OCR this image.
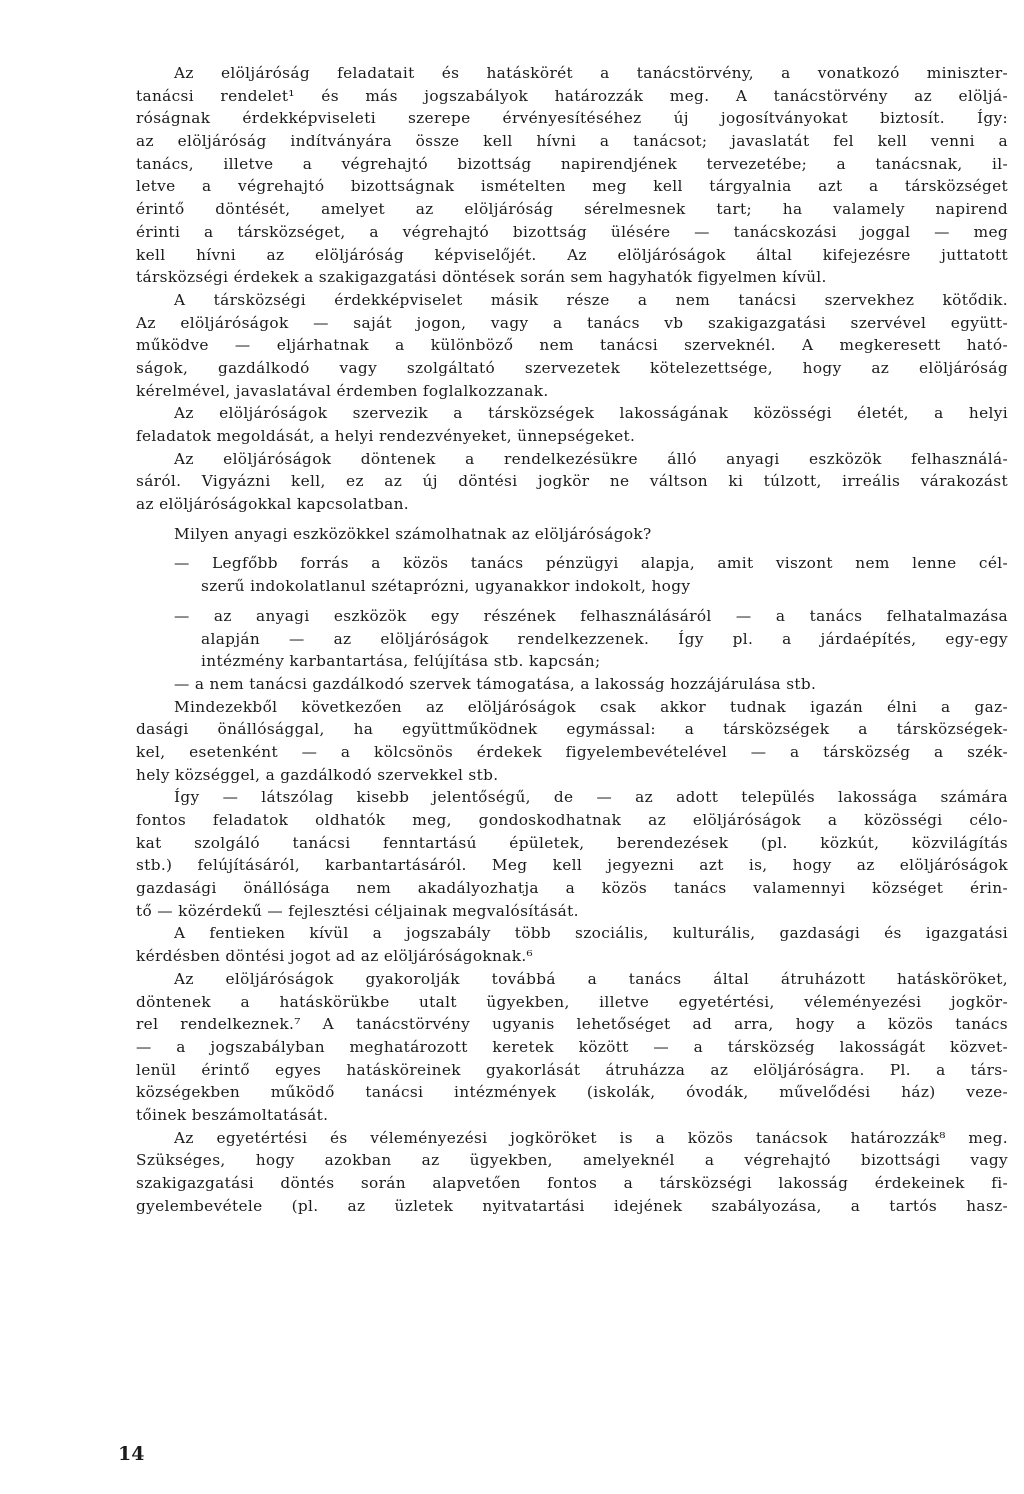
Az elöljáróság feladatait és hatáskörét a tanácstörvény, a vonatkozó miniszter-
tanácsi rendelet¹ és más jogszabályok határozzák meg. A tanácstörvény az elöljá-
róságnak érdekképviseleti szerepe érvényesítéséhez új jogosítványokat biztosít. Így:
az elöljáróság indítványára össze kell hívni a tanácsot; javaslatát fel kell venni a
tanács, illetve a végrehajtó bizottság napirendjének tervezetébe; a tanácsnak, il-
letve a végrehajtó bizottságnak ismételten meg kell tárgyalnia azt a társközséget
érintő döntését, amelyet az elöljáróság sérelmesnek tart; ha valamely napirend
érinti a társközséget, a végrehajtó bizottság ülésére — tanácskozási joggal — meg
kell hívni az elöljáróság képviselőjét. Az elöljáróságok által kifejezésre juttatott
társközségi érdekek a szakigazgatási döntések során sem hagyhatók figyelmen kívül.
A társközségi érdekképviselet másik része a nem tanácsi szervekhez kötődik.
Az elöljáróságok — saját jogon, vagy a tanács vb szakigazgatási szervével együtt-
működve — eljárhatnak a különböző nem tanácsi szerveknél. A megkeresett ható-
ságok, gazdálkodó vagy szolgáltató szervezetek kötelezettsége, hogy az elöljáróság
kérelmével, javaslatával érdemben foglalkozzanak.
Az elöljáróságok szervezik a társközségek lakosságának közösségi életét, a helyi
feladatok megoldását, a helyi rendezvényeket, ünnepségeket.
Az elöljáróságok döntenek a rendelkezésükre álló anyagi eszközök felhasználá-
sáról. Vigyázni kell, ez az új döntési jogkör ne váltson ki túlzott, irreális várakozást
az elöljáróságokkal kapcsolatban.
Milyen anyagi eszközökkel számolhatnak az elöljáróságok?
— Legfőbb forrás a közös tanács pénzügyi alapja, amit viszont nem lenne cél-
szerű indokolatlanul szétaprózni, ugyanakkor indokolt, hogy
— az anyagi eszközök egy részének felhasználásáról — a tanács felhatalmazása
alapján — az elöljáróságok rendelkezzenek. Így pl. a járdaépítés, egy-egy
intézmény karbantartása, felújítása stb. kapcsán;
— a nem tanácsi gazdálkodó szervek támogatása, a lakosság hozzájárulása stb.
Mindezekből következően az elöljáróságok csak akkor tudnak igazán élni a gaz-
dasági önállósággal, ha együttműködnek egymással: a társközségek a társközségek-
kel, esetenként — a kölcsönös érdekek figyelembevételével — a társközség a szék-
hely községgel, a gazdálkodó szervekkel stb.
Így — látszólag kisebb jelentőségű, de — az adott település lakossága számára
fontos feladatok oldhatók meg, gondoskodhatnak az elöljáróságok a közösségi célo-
kat szolgáló tanácsi fenntartású épületek, berendezések (pl. közkút, közvilágítás
stb.) felújításáról, karbantartásáról. Meg kell jegyezni azt is, hogy az elöljáróságok
gazdasági önállósága nem akadályozhatja a közös tanács valamennyi községet érin-
tő — közérdekű — fejlesztési céljainak megvalósítását.
A fentieken kívül a jogszabály több szociális, kulturális, gazdasági és igazgatási
kérdésben döntési jogot ad az elöljáróságoknak.⁶
Az elöljáróságok gyakorolják továbbá a tanács által átruházott hatásköröket,
döntenek a hatáskörükbe utalt ügyekben, illetve egyetértési, véleményezési jogkör-
rel rendelkeznek.⁷ A tanácstörvény ugyanis lehetőséget ad arra, hogy a közös tanács
— a jogszabályban meghatározott keretek között — a társközség lakosságát közvet-
lenül érintő egyes hatásköreinek gyakorlását átruházza az elöljáróságra. Pl. a társ-
községekben működő tanácsi intézmények (iskolák, óvodák, művelődési ház) veze-
tőinek beszámoltatását.
Az egyetértési és véleményezési jogköröket is a közös tanácsok határozzák⁸ meg.
Szükséges, hogy azokban az ügyekben, amelyeknél a végrehajtó bizottsági vagy
szakigazgatási döntés során alapvetően fontos a társközségi lakosság érdekeinek fi-
gyelembevétele (pl. az üzletek nyitvatartási idejének szabályozása, a tartós hasz-
14
